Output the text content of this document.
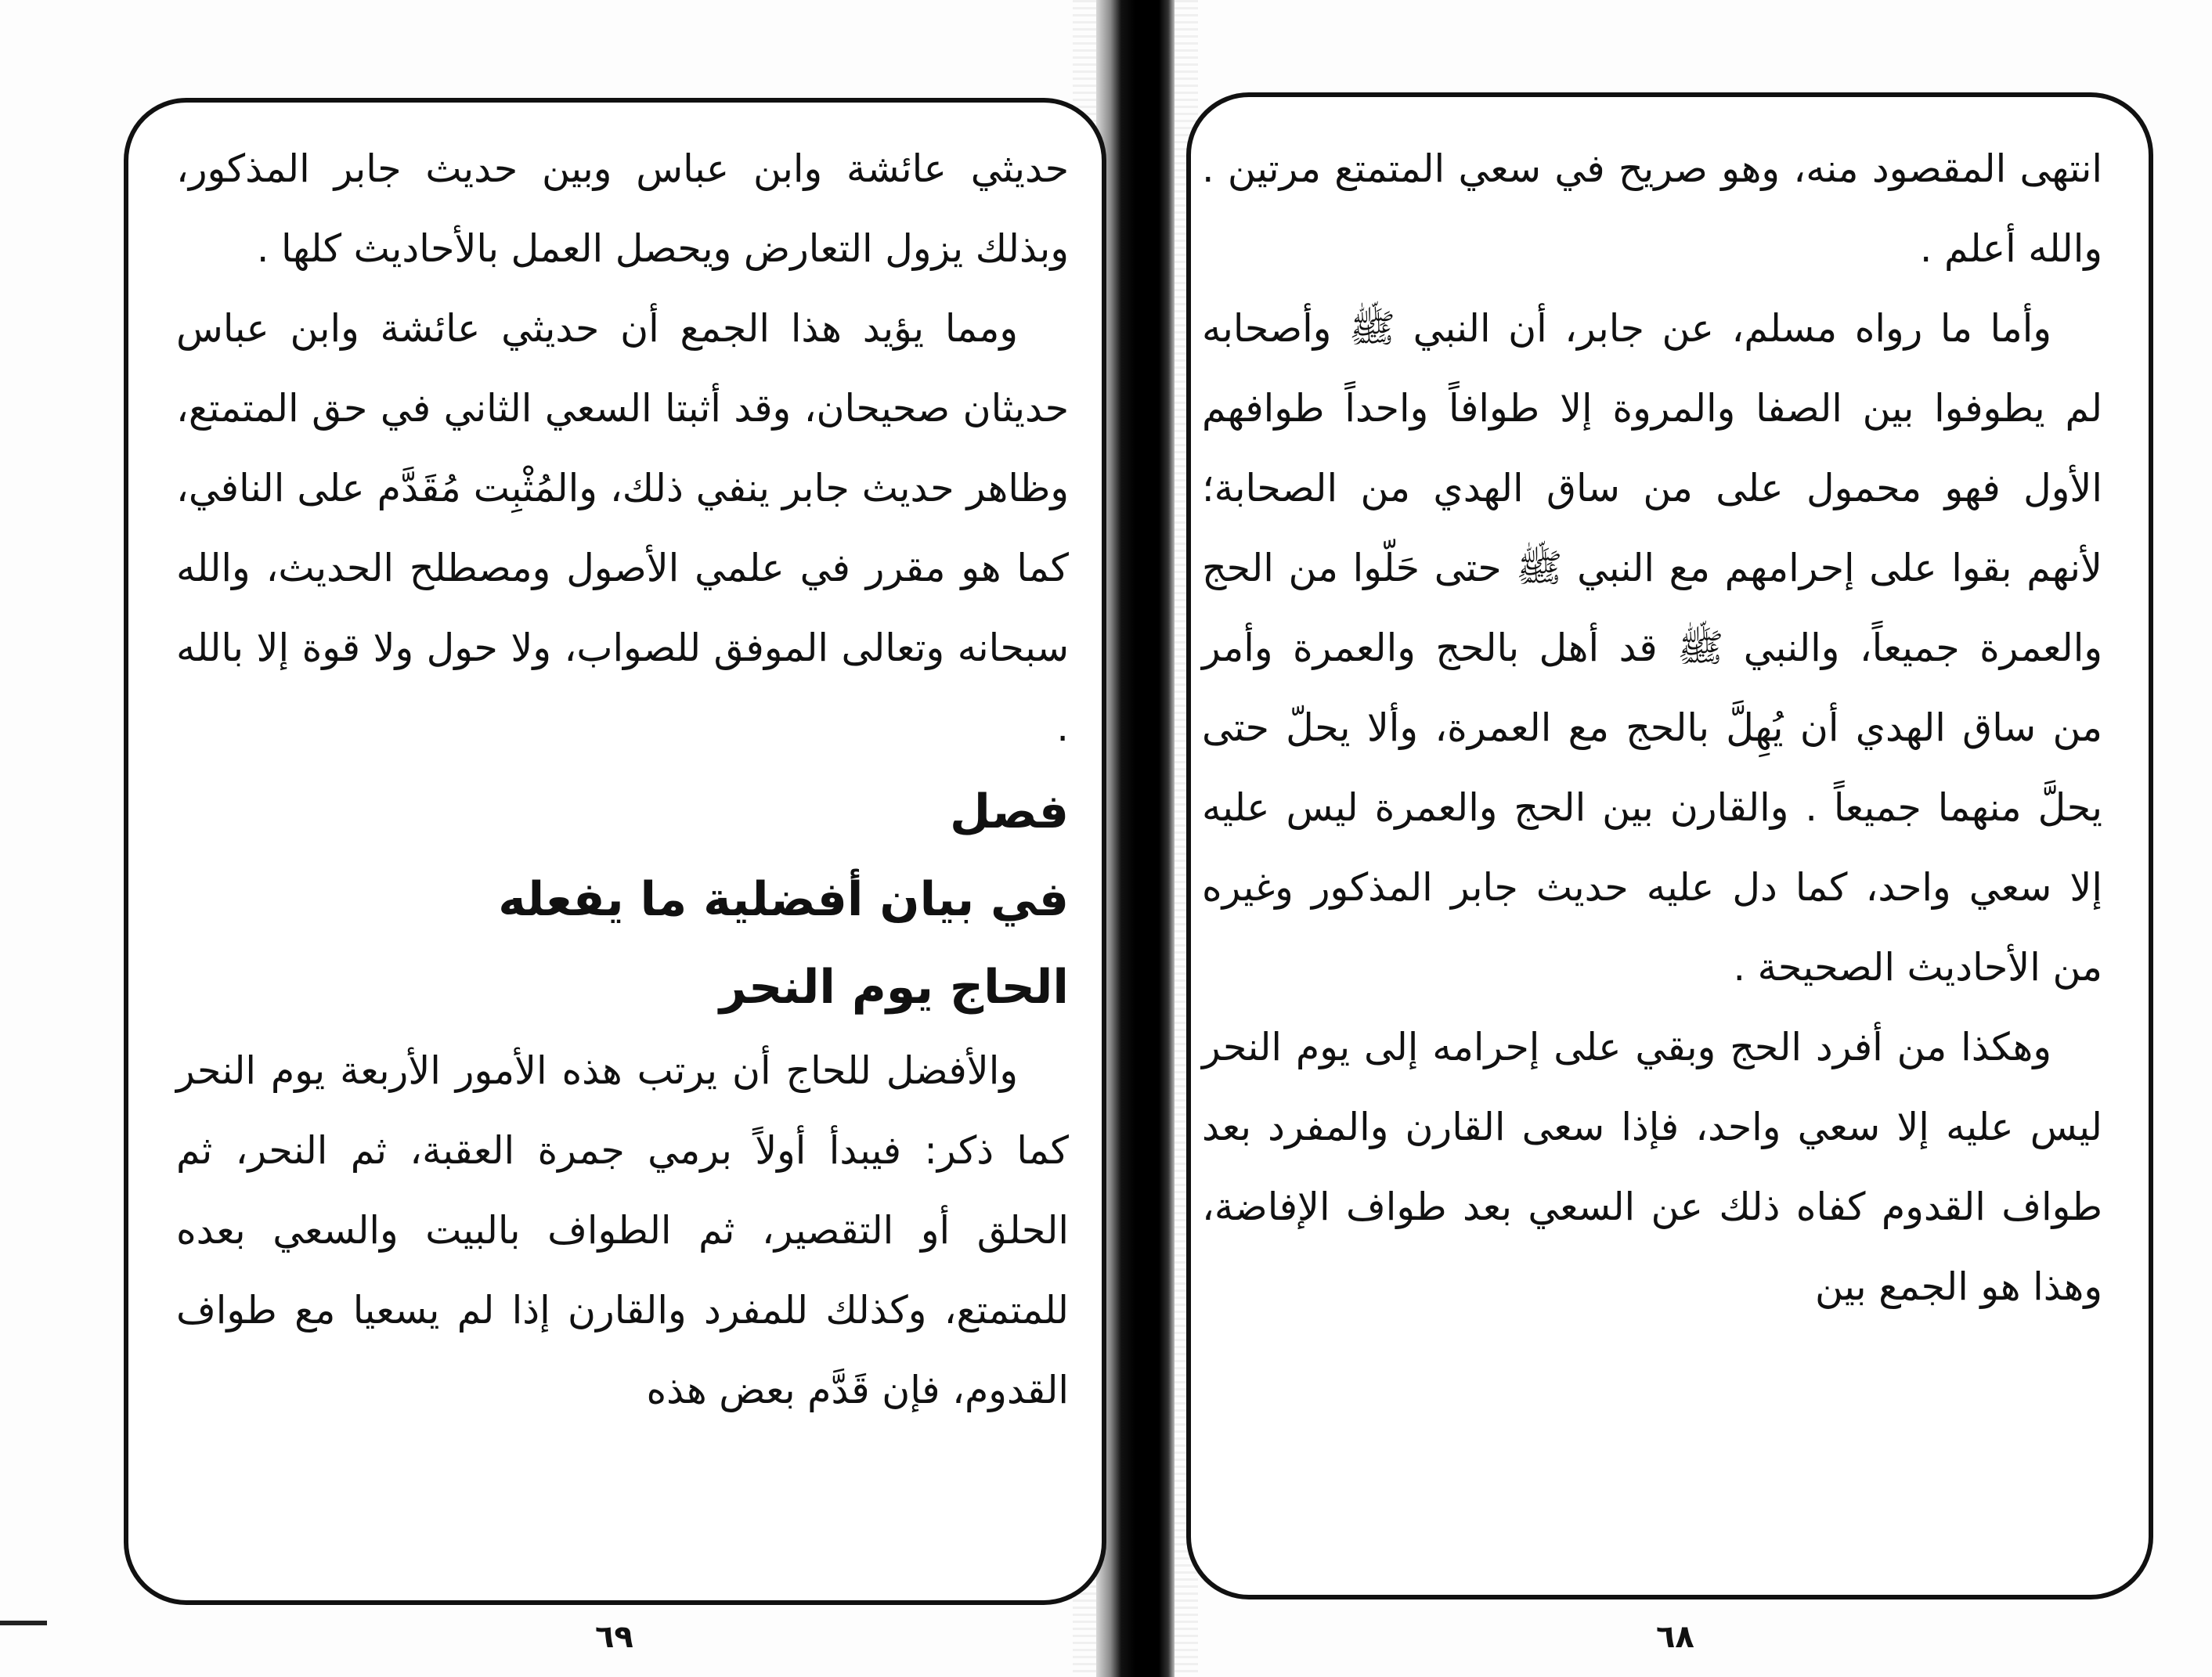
حديثي عائشة وابن عباس وبين حديث جابر المذكور، وبذلك يزول التعارض ويحصل العمل بالأحاديث كلها .

ومما يؤيد هذا الجمع أن حديثي عائشة وابن عباس حديثان صحيحان، وقد أثبتا السعي الثاني في حق المتمتع، وظاهر حديث جابر ينفي ذلك، والمُثْبِت مُقَدَّم على النافي، كما هو مقرر في علمي الأصول ومصطلح الحديث، والله سبحانه وتعالى الموفق للصواب، ولا حول ولا قوة إلا بالله .

فصل

في بيان أفضلية ما يفعله

الحاج يوم النحر

والأفضل للحاج أن يرتب هذه الأمور الأربعة يوم النحر كما ذكر: فيبدأ أولاً برمي جمرة العقبة، ثم النحر، ثم الحلق أو التقصير، ثم الطواف بالبيت والسعي بعده للمتمتع، وكذلك للمفرد والقارن إذا لم يسعيا مع طواف القدوم، فإن قَدَّم بعض هذه

٦٩

انتهى المقصود منه، وهو صريح في سعي المتمتع مرتين . والله أعلم .

وأما ما رواه مسلم، عن جابر، أن النبي ﷺ وأصحابه لم يطوفوا بين الصفا والمروة إلا طوافاً واحداً طوافهم الأول فهو محمول على من ساق الهدي من الصحابة؛ لأنهم بقوا على إحرامهم مع النبي ﷺ حتى حَلّوا من الحج والعمرة جميعاً، والنبي ﷺ قد أهل بالحج والعمرة وأمر من ساق الهدي أن يُهِلَّ بالحج مع العمرة، وألا يحلّ حتى يحلَّ منهما جميعاً . والقارن بين الحج والعمرة ليس عليه إلا سعي واحد، كما دل عليه حديث جابر المذكور وغيره من الأحاديث الصحيحة .

وهكذا من أفرد الحج وبقي على إحرامه إلى يوم النحر ليس عليه إلا سعي واحد، فإذا سعى القارن والمفرد بعد طواف القدوم كفاه ذلك عن السعي بعد طواف الإفاضة، وهذا هو الجمع بين

٦٨
